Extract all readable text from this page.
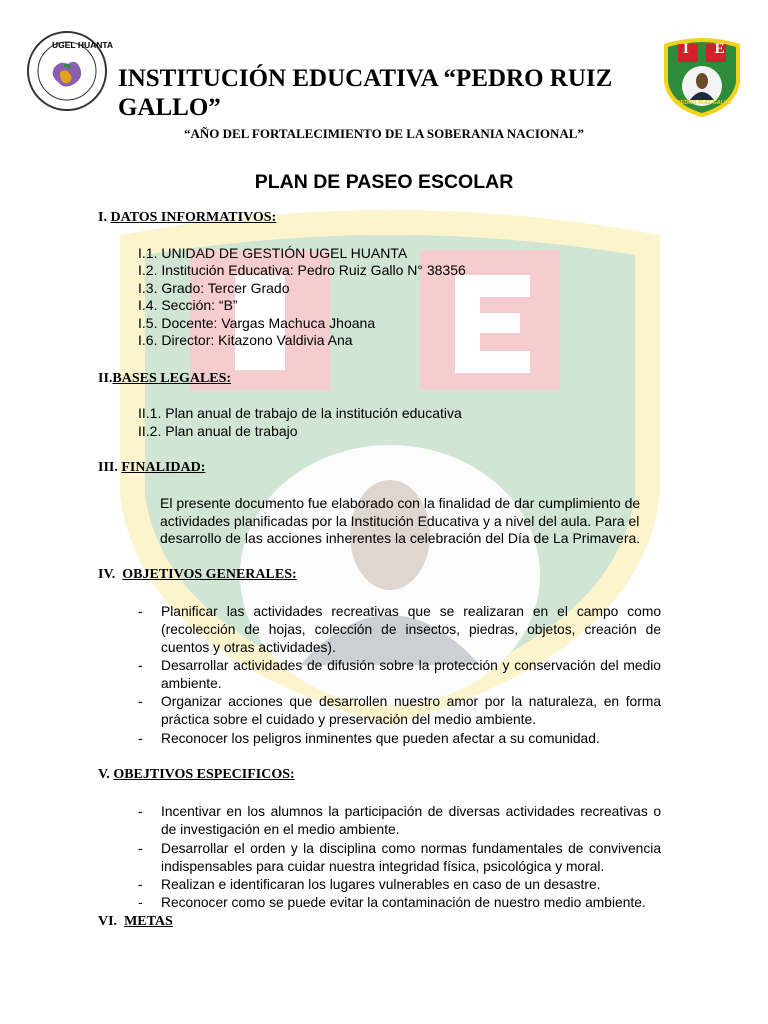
UGEL HUANTA	I E
PEDRO RUIZ GALLO
INSTITUCIÓN EDUCATIVA “PEDRO RUIZ GALLO”
“AÑO DEL FORTALECIMIENTO DE LA SOBERANIA NACIONAL”
PLAN DE PASEO ESCOLAR
I. DATOS INFORMATIVOS:
I.1. UNIDAD DE GESTIÓN UGEL HUANTA
I.2. Institución Educativa: Pedro Ruiz Gallo N° 38356
I.3. Grado: Tercer Grado
I.4. Sección: “B”
I.5. Docente: Vargas Machuca Jhoana
I.6. Director: Kitazono Valdivia Ana
II.BASES LEGALES:
II.1. Plan anual de trabajo de la institución educativa
II.2. Plan anual de trabajo
III. FINALIDAD:
El presente documento fue elaborado con la finalidad de dar cumplimiento de
actividades planificadas por la Institución Educativa y a nivel del aula. Para el
desarrollo de las acciones inherentes la celebración del Día de La Primavera.
IV. OBJETIVOS GENERALES:
- Planificar las actividades recreativas que se realizaran en el campo como (recolección de hojas, colección de insectos, piedras, objetos, creación de cuentos y otras actividades).
- Desarrollar actividades de difusión sobre la protección y conservación del medio ambiente.
- Organizar acciones que desarrollen nuestro amor por la naturaleza, en forma práctica sobre el cuidado y preservación del medio ambiente.
- Reconocer los peligros inminentes que pueden afectar a su comunidad.
V. OBEJTIVOS ESPECIFICOS:
- Incentivar en los alumnos la participación de diversas actividades recreativas o de investigación en el medio ambiente.
- Desarrollar el orden y la disciplina como normas fundamentales de convivencia indispensables para cuidar nuestra integridad física, psicológica y moral.
- Realizan e identificaran los lugares vulnerables en caso de un desastre.
- Reconocer como se puede evitar la contaminación de nuestro medio ambiente.
VI. METAS
